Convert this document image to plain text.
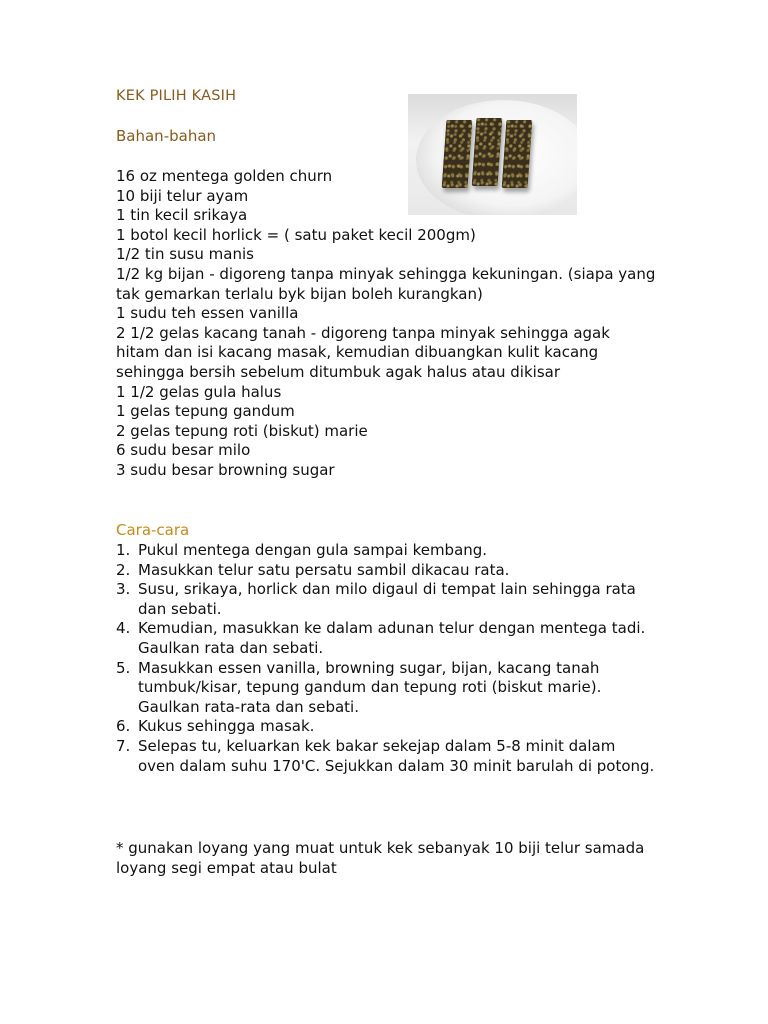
KEK PILIH KASIH
Bahan-bahan
16 oz mentega golden churn
10 biji telur ayam
1 tin kecil srikaya
1 botol kecil horlick = ( satu paket kecil 200gm)
1/2 tin susu manis
1/2 kg bijan - digoreng tanpa minyak sehingga kekuningan. (siapa yang tak gemarkan terlalu byk bijan boleh kurangkan)
1 sudu teh essen vanilla
2 1/2 gelas kacang tanah - digoreng tanpa minyak sehingga agak hitam dan isi kacang masak, kemudian dibuangkan kulit kacang sehingga bersih sebelum ditumbuk agak halus atau dikisar
1 1/2 gelas gula halus
1 gelas tepung gandum
2 gelas tepung roti (biskut) marie
6 sudu besar milo
3 sudu besar browning sugar
Cara-cara
1. Pukul mentega dengan gula sampai kembang.
2. Masukkan telur satu persatu sambil dikacau rata.
3. Susu, srikaya, horlick dan milo digaul di tempat lain sehingga rata dan sebati.
4. Kemudian, masukkan ke dalam adunan telur dengan mentega tadi. Gaulkan rata dan sebati.
5. Masukkan essen vanilla, browning sugar, bijan, kacang tanah tumbuk/kisar, tepung gandum dan tepung roti (biskut marie). Gaulkan rata-rata dan sebati.
6. Kukus sehingga masak.
7. Selepas tu, keluarkan kek bakar sekejap dalam 5-8 minit dalam oven dalam suhu 170'C. Sejukkan dalam 30 minit barulah di potong.
* gunakan loyang yang muat untuk kek sebanyak 10 biji telur samada loyang segi empat atau bulat
